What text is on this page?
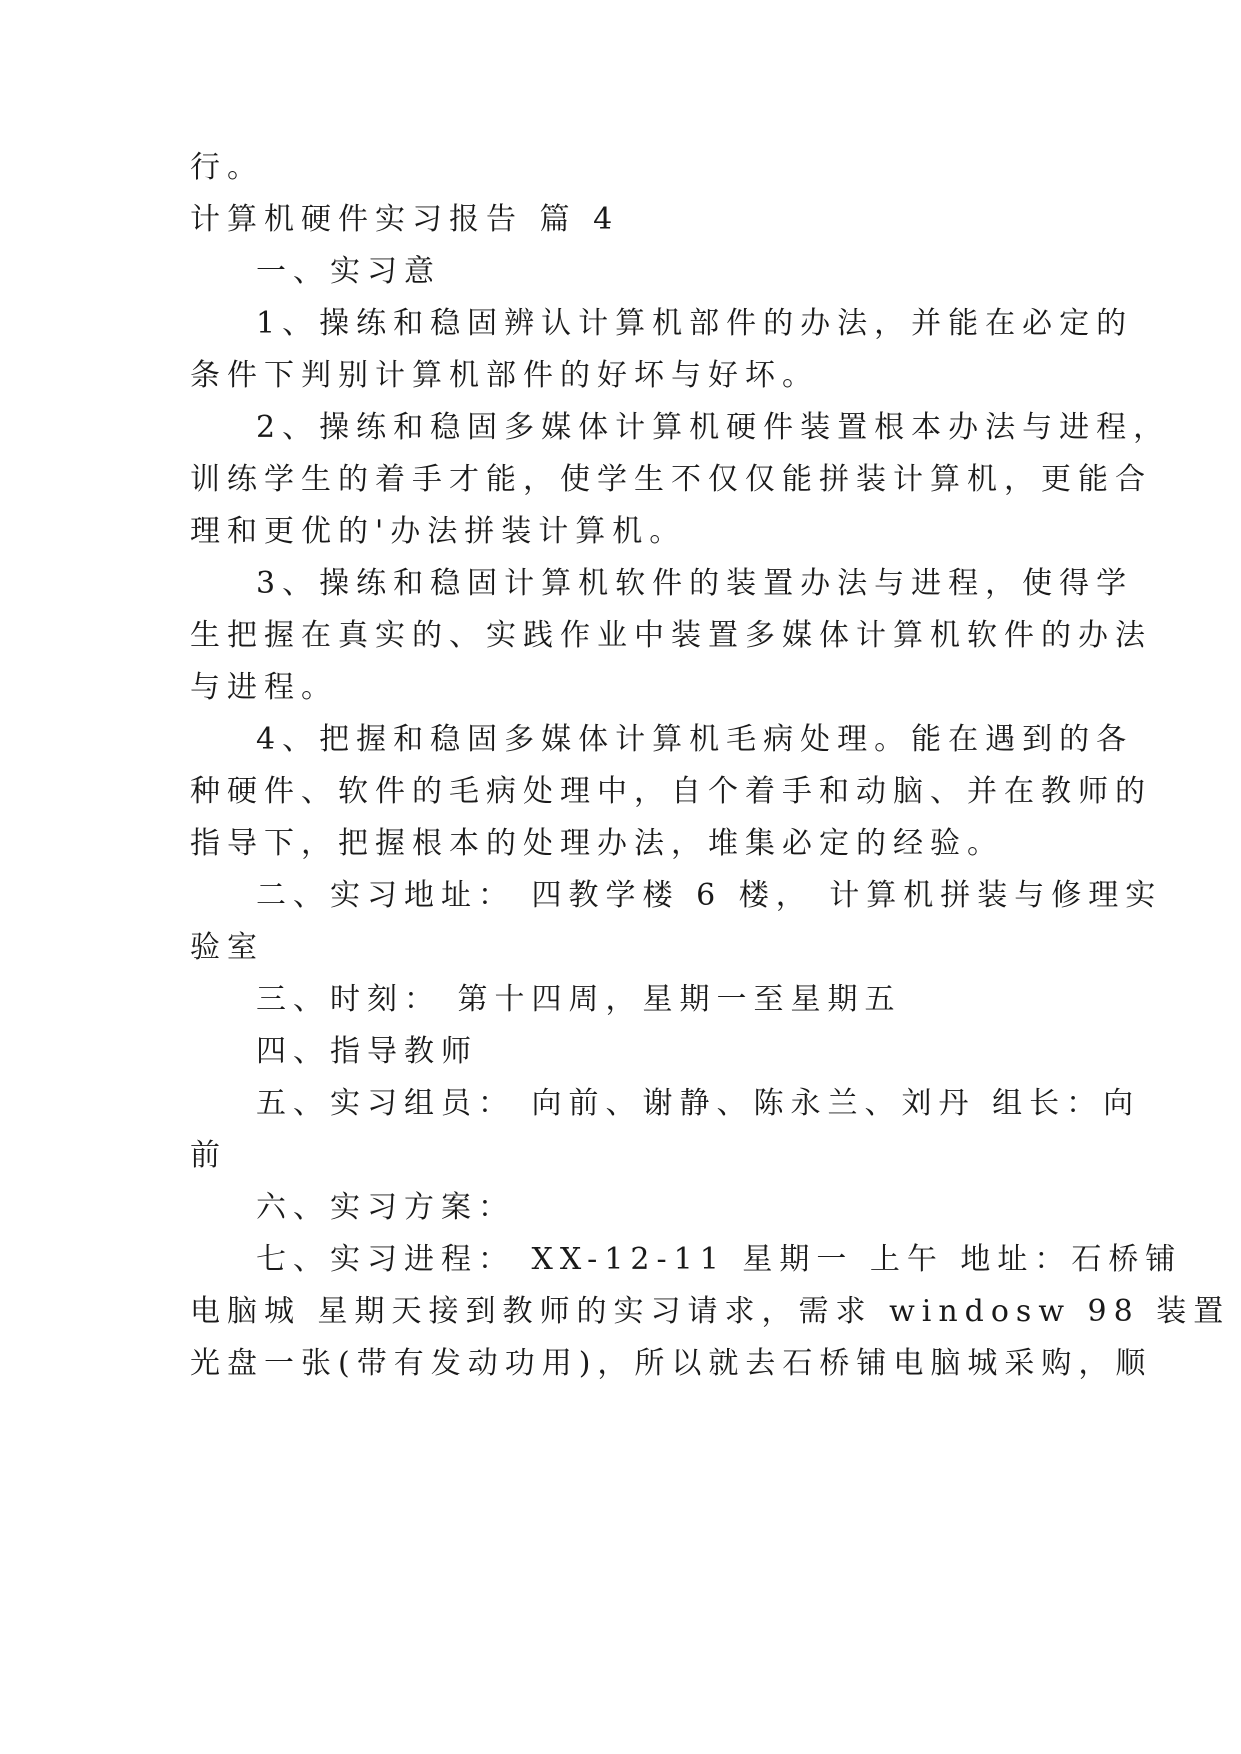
行。
计算机硬件实习报告 篇 4
一、实习意
1、操练和稳固辨认计算机部件的办法，并能在必定的
条件下判别计算机部件的好坏与好坏。
2、操练和稳固多媒体计算机硬件装置根本办法与进程，
训练学生的着手才能，使学生不仅仅能拼装计算机，更能合
理和更优的'办法拼装计算机。
3、操练和稳固计算机软件的装置办法与进程，使得学
生把握在真实的、实践作业中装置多媒体计算机软件的办法
与进程。
4、把握和稳固多媒体计算机毛病处理。能在遇到的各
种硬件、软件的毛病处理中，自个着手和动脑、并在教师的
指导下，把握根本的处理办法，堆集必定的经验。
二、实习地址： 四教学楼 6 楼， 计算机拼装与修理实
验室
三、时刻： 第十四周，星期一至星期五
四、指导教师
五、实习组员： 向前、谢静、陈永兰、刘丹 组长：向
前
六、实习方案：
七、实习进程： XX-12-11 星期一 上午 地址：石桥铺
电脑城 星期天接到教师的实习请求，需求 windosw 98 装置
光盘一张(带有发动功用)，所以就去石桥铺电脑城采购，顺
